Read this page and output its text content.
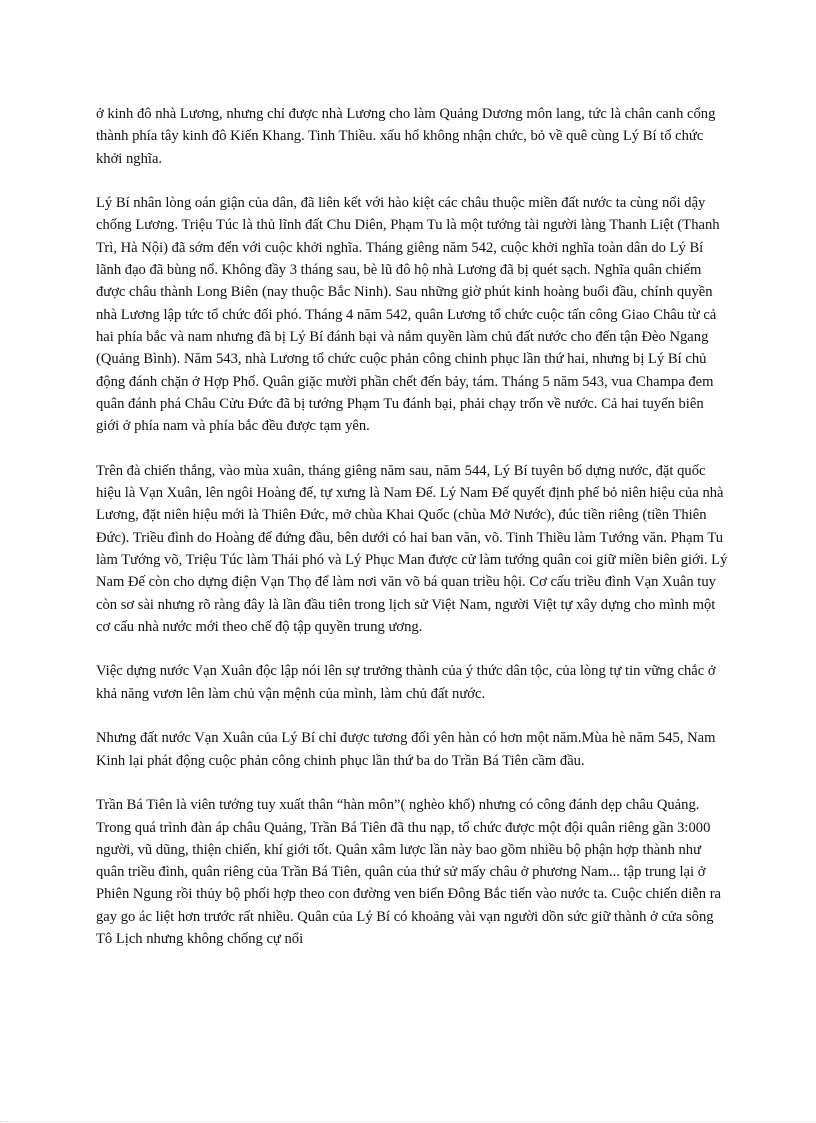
ở kinh đô nhà Lương, nhưng chỉ được nhà Lương cho làm Quảng Dương môn lang, tức là chân canh cổng thành phía tây kinh đô Kiến Khang. Tinh Thiều. xấu hổ không nhận chức, bỏ về quê cùng Lý Bí tổ chức khởi nghĩa.

Lý Bí nhân lòng oán giận của dân, đã liên kết với hào kiệt các châu thuộc miền đất nước ta cùng nổi dậy chống Lương. Triệu Túc là thủ lĩnh đất Chu Diên, Phạm Tu là một tướng tài người làng Thanh Liệt (Thanh Trì, Hà Nội) đã sớm đến với cuộc khởi nghĩa. Tháng giêng năm 542, cuộc khởi nghĩa toàn dân do Lý Bí lãnh đạo đã bùng nổ. Không đầy 3 tháng sau, bè lũ đô hộ nhà Lương đã bị quét sạch. Nghĩa quân chiếm được châu thành Long Biên (nay thuộc Bắc Ninh). Sau những giờ phút kinh hoàng buổi đầu, chính quyền nhà Lương lập tức tổ chức đối phó. Tháng 4 năm 542, quân Lương tổ chức cuộc tấn công Giao Châu từ cả hai phía bắc và nam nhưng đã bị Lý Bí đánh bại và nắm quyền làm chủ đất nước cho đến tận Đèo Ngang (Quảng Bình). Năm 543, nhà Lương tổ chức cuộc phản công chinh phục lần thứ hai, nhưng bị Lý Bí chủ động đánh chặn ở Hợp Phố. Quân giặc mười phần chết đến bảy, tám. Tháng 5 năm 543, vua Champa đem quân đánh phá Châu Cửu Đức đã bị tướng Phạm Tu đánh bại, phải chạy trốn về nước. Cả hai tuyến biên giới ở phía nam và phía bắc đều được tạm yên.

Trên đà chiến thắng, vào mùa xuân, tháng giêng năm sau, năm 544, Lý Bí tuyên bố dựng nước, đặt quốc hiệu là Vạn Xuân, lên ngôi Hoàng đế, tự xưng là Nam Đế. Lý Nam Đế quyết định phế bỏ niên hiệu của nhà Lương, đặt niên hiệu mới là Thiên Đức, mở chùa Khai Quốc (chùa Mở Nước), đúc tiền riêng (tiền Thiên Đức). Triều đình do Hoàng đế đứng đầu, bên dưới có hai ban văn, võ. Tinh Thiều làm Tướng văn. Phạm Tu làm Tướng võ, Triệu Túc làm Thái phó và Lý Phục Man được cử làm tướng quân coi giữ miền biên giới. Lý Nam Đế còn cho dựng điện Vạn Thọ để làm nơi văn võ bá quan triều hội. Cơ cấu triều đình Vạn Xuân tuy còn sơ sài nhưng rõ ràng đây là lần đầu tiên trong lịch sử Việt Nam, người Việt tự xây dựng cho mình một cơ cấu nhà nước mới theo chế độ tập quyền trung ương.

Việc dựng nước Vạn Xuân độc lập nói lên sự trưởng thành của ý thức dân tộc, của lòng tự tin vững chắc ở khả năng vươn lên làm chủ vận mệnh của mình, làm chủ đất nước.

Nhưng đất nước Vạn Xuân của Lý Bí chỉ được tương đối yên hàn có hơn một năm.Mùa hè năm 545, Nam Kinh lại phát động cuộc phản công chinh phục lần thứ ba do Trần Bá Tiên cầm đầu.

Trần Bá Tiên là viên tướng tuy xuất thân “hàn môn”( nghèo khổ) nhưng có công đánh dẹp châu Quảng. Trong quá trình đàn áp châu Quảng, Trần Bá Tiên đã thu nạp, tổ chức được một đội quân riêng gần 3:000 người, vũ dũng, thiện chiến, khí giới tốt. Quân xâm lược lần này bao gồm nhiều bộ phận hợp thành như quân triều đình, quân riêng của Trần Bá Tiên, quân của thứ sử mấy châu ở phương Nam... tập trung lại ở Phiên Ngung rồi thủy bộ phối hợp theo con đường ven biển Đông Bắc tiến vào nước ta. Cuộc chiến diễn ra gay go ác liệt hơn trước rất nhiều. Quân của Lý Bí có khoảng vài vạn người dồn sức giữ thành ở cửa sông Tô Lịch nhưng không chống cự nổi
